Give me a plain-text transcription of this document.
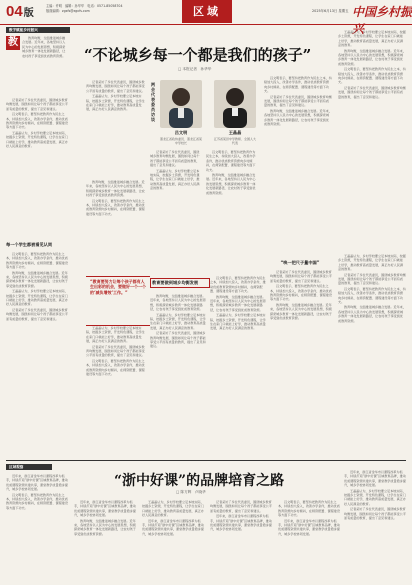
04版
主编：许明　编辑：孙华华　电话：0571-85058704
版面编辑：zgxfs@zgxfs.com	区域	2025年6月13日 星期五 中国乡村振兴
数字赋能乡村振兴
教	教育均衡，全面推进城乡融合发展。近年来，各地坚持以人民为中心的发展思想，积极探索城乡教育一体化发展新路径，让农村孩子享受到优质教育资源。

记者采访了多位代表委员，围绕城乡教育均衡发展，围绕如何让每个孩子都能享受公平而有质量的教育，提出了意见和建议。

吕文明表示，要坚持把教育作为民生之本，持续加大投入，改善办学条件，推动优质教育资源向乡村倾斜，在师资配置、课程建设等方面下功夫。

王晶晶认为，乡村学校要立足本地实际，挖掘乡土资源，开发特色课程，让学生在家门口就能上好学，推动教育高质量发展，真正办好人民满意的教育。

每一个学生都被看见认同

吕文明表示，要坚持把教育作为民生之本，持续加大投入，改善办学条件，推动优质教育资源向乡村倾斜，在师资配置、课程建设等方面下功夫。

教育均衡，全面推进城乡融合发展。近年来，各地坚持以人民为中心的发展思想，积极探索城乡教育一体化发展新路径，让农村孩子享受到优质教育资源。

王晶晶认为，乡村学校要立足本地实际，挖掘乡土资源，开发特色课程，让学生在家门口就能上好学，推动教育高质量发展，真正办好人民满意的教育。

记者采访了多位代表委员，围绕城乡教育均衡发展，围绕如何让每个孩子都能享受公平而有质量的教育，提出了意见和建议。

“不论城乡每一个都是我们的孩子”
□ 本报记者　孙华华
两会代表委员访谈
吕文明
黑龙江省政协委员、黑龙江省某中学校长
王晶晶
江苏省某县中学教师、全国人大代表

记者采访了多位代表委员，围绕城乡教育均衡发展，围绕如何让每个孩子都能享受公平而有质量的教育，提出了意见和建议。

王晶晶认为，乡村学校要立足本地实际，挖掘乡土资源，开发特色课程，让学生在家门口就能上好学，推动教育高质量发展，真正办好人民满意的教育。

吕文明表示，要坚持把教育作为民生之本，持续加大投入，改善办学条件，推动优质教育资源向乡村倾斜，在师资配置、课程建设等方面下功夫。

记者采访了多位代表委员，围绕城乡教育均衡发展，围绕如何让每个孩子都能享受公平而有质量的教育，提出了意见和建议。

教育均衡，全面推进城乡融合发展。近年来，各地坚持以人民为中心的发展思想，积极探索城乡教育一体化发展新路径，让农村孩子享受到优质教育资源。

王晶晶认为，乡村学校要立足本地实际，挖掘乡土资源，开发特色课程，让学生在家门口就能上好学，推动教育高质量发展，真正办好人民满意的教育。

教育均衡，全面推进城乡融合发展。近年来，各地坚持以人民为中心的发展思想，积极探索城乡教育一体化发展新路径，让农村孩子享受到优质教育资源。

吕文明表示，要坚持把教育作为民生之本，持续加大投入，改善办学条件，推动优质教育资源向乡村倾斜，在师资配置、课程建设等方面下功夫。

记者采访了多位代表委员，围绕城乡教育均衡发展，围绕如何让每个孩子都能享受公平而有质量的教育，提出了意见和建议。

教育均衡，全面推进城乡融合发展。近年来，各地坚持以人民为中心的发展思想，积极探索城乡教育一体化发展新路径，让农村孩子享受到优质教育资源。

吕文明表示，要坚持把教育作为民生之本，持续加大投入，改善办学条件，推动优质教育资源向乡村倾斜，在师资配置、课程建设等方面下功夫。

记者采访了多位代表委员，围绕城乡教育均衡发展，围绕如何让每个孩子都能享受公平而有质量的教育，提出了意见和建议。

王晶晶认为，乡村学校要立足本地实际，挖掘乡土资源，开发特色课程，让学生在家门口就能上好学，推动教育高质量发展，真正办好人民满意的教育。

吕文明表示，要坚持把教育作为民生之本，持续加大投入，改善办学条件，推动优质教育资源向乡村倾斜，在师资配置、课程建设等方面下功夫。

教育均衡，全面推进城乡融合发展。近年来，各地坚持以人民为中心的发展思想，积极探索城乡教育一体化发展新路径，让农村孩子享受到优质教育资源。

“教育要努力让每个孩子都有人生出彩的机会，要做好一个一个的‘减负增效’工作。”

王晶晶认为，乡村学校要立足本地实际，挖掘乡土资源，开发特色课程，让学生在家门口就能上好学，推动教育高质量发展，真正办好人民满意的教育。

记者采访了多位代表委员，围绕城乡教育均衡发展，围绕如何让每个孩子都能享受公平而有质量的教育，提出了意见和建议。

吕文明表示，要坚持把教育作为民生之本，持续加大投入，改善办学条件，推动优质教育资源向乡村倾斜，在师资配置、课程建设等方面下功夫。

教育要做到城乡均衡发展

教育均衡，全面推进城乡融合发展。近年来，各地坚持以人民为中心的发展思想，积极探索城乡教育一体化发展新路径，让农村孩子享受到优质教育资源。

王晶晶认为，乡村学校要立足本地实际，挖掘乡土资源，开发特色课程，让学生在家门口就能上好学，推动教育高质量发展，真正办好人民满意的教育。

记者采访了多位代表委员，围绕城乡教育均衡发展，围绕如何让每个孩子都能享受公平而有质量的教育，提出了意见和建议。

吕文明表示，要坚持把教育作为民生之本，持续加大投入，改善办学条件，推动优质教育资源向乡村倾斜，在师资配置、课程建设等方面下功夫。

教育均衡，全面推进城乡融合发展。近年来，各地坚持以人民为中心的发展思想，积极探索城乡教育一体化发展新路径，让农村孩子享受到优质教育资源。

王晶晶认为，乡村学校要立足本地实际，挖掘乡土资源，开发特色课程，让学生在家门口就能上好学，推动教育高质量发展，真正办好人民满意的教育。

“唤一把尺子量中国”

记者采访了多位代表委员，围绕城乡教育均衡发展，围绕如何让每个孩子都能享受公平而有质量的教育，提出了意见和建议。

吕文明表示，要坚持把教育作为民生之本，持续加大投入，改善办学条件，推动优质教育资源向乡村倾斜，在师资配置、课程建设等方面下功夫。

教育均衡，全面推进城乡融合发展。近年来，各地坚持以人民为中心的发展思想，积极探索城乡教育一体化发展新路径，让农村孩子享受到优质教育资源。

王晶晶认为，乡村学校要立足本地实际，挖掘乡土资源，开发特色课程，让学生在家门口就能上好学，推动教育高质量发展，真正办好人民满意的教育。

记者采访了多位代表委员，围绕城乡教育均衡发展，围绕如何让每个孩子都能享受公平而有质量的教育，提出了意见和建议。

吕文明表示，要坚持把教育作为民生之本，持续加大投入，改善办学条件，推动优质教育资源向乡村倾斜，在师资配置、课程建设等方面下功夫。

教育均衡，全面推进城乡融合发展。近年来，各地坚持以人民为中心的发展思想，积极探索城乡教育一体化发展新路径，让农村孩子享受到优质教育资源。

区域观察

近年来，浙江省金华市以课程改革为抓手，持续打造“浙中好课”区域教育品牌，推动优质课程资源共建共享，课堂教学质量稳步提升，城乡学校协同发展。

吕文明表示，要坚持把教育作为民生之本，持续加大投入，改善办学条件，推动优质教育资源向乡村倾斜，在师资配置、课程建设等方面下功夫。

“浙中好课”的品牌培育之路
□ 陈方辉　卢晓华

近年来，浙江省金华市以课程改革为抓手，持续打造“浙中好课”区域教育品牌，推动优质课程资源共建共享，课堂教学质量稳步提升，城乡学校协同发展。

教育均衡，全面推进城乡融合发展。近年来，各地坚持以人民为中心的发展思想，积极探索城乡教育一体化发展新路径，让农村孩子享受到优质教育资源。

王晶晶认为，乡村学校要立足本地实际，挖掘乡土资源，开发特色课程，让学生在家门口就能上好学，推动教育高质量发展，真正办好人民满意的教育。

近年来，浙江省金华市以课程改革为抓手，持续打造“浙中好课”区域教育品牌，推动优质课程资源共建共享，课堂教学质量稳步提升，城乡学校协同发展。

记者采访了多位代表委员，围绕城乡教育均衡发展，围绕如何让每个孩子都能享受公平而有质量的教育，提出了意见和建议。

近年来，浙江省金华市以课程改革为抓手，持续打造“浙中好课”区域教育品牌，推动优质课程资源共建共享，课堂教学质量稳步提升，城乡学校协同发展。

吕文明表示，要坚持把教育作为民生之本，持续加大投入，改善办学条件，推动优质教育资源向乡村倾斜，在师资配置、课程建设等方面下功夫。

近年来，浙江省金华市以课程改革为抓手，持续打造“浙中好课”区域教育品牌，推动优质课程资源共建共享，课堂教学质量稳步提升，城乡学校协同发展。

近年来，浙江省金华市以课程改革为抓手，持续打造“浙中好课”区域教育品牌，推动优质课程资源共建共享，课堂教学质量稳步提升，城乡学校协同发展。

王晶晶认为，乡村学校要立足本地实际，挖掘乡土资源，开发特色课程，让学生在家门口就能上好学，推动教育高质量发展，真正办好人民满意的教育。

记者采访了多位代表委员，围绕城乡教育均衡发展，围绕如何让每个孩子都能享受公平而有质量的教育，提出了意见和建议。
